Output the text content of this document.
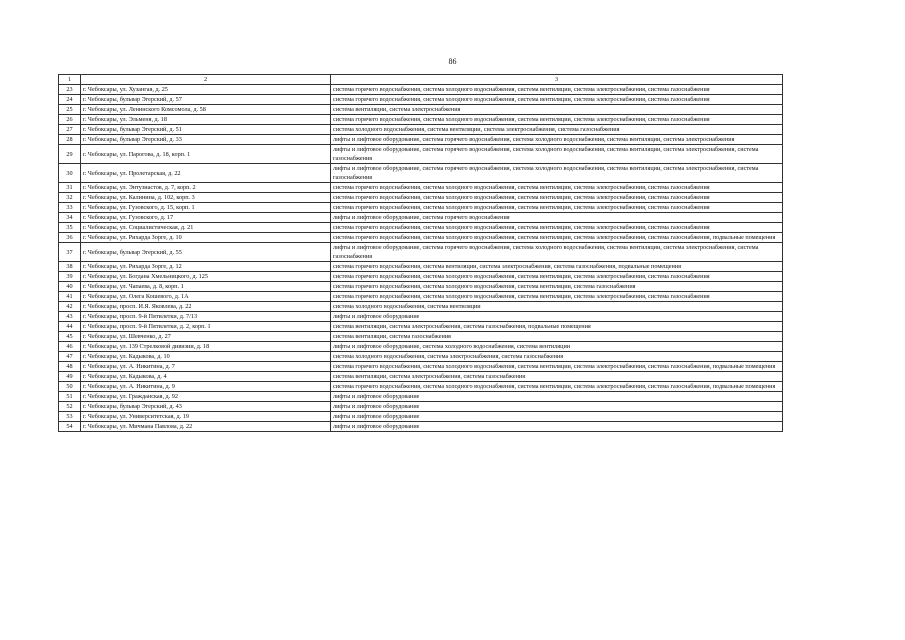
86
1	2	3
23	г. Чебоксары, ул. Хузангая, д. 25	система горячего водоснабжения, система холодного водоснабжения, система вентиляции, система электроснабжения, система газоснабжения
24	г. Чебоксары, бульвар Эгерский, д. 57	система горячего водоснабжения, система холодного водоснабжения, система вентиляции, система электроснабжения, система газоснабжения
25	г. Чебоксары, ул. Ленинского Комсомола, д. 58	система вентиляции, система электроснабжения
26	г. Чебоксары, ул. Эльменя, д. 18	система горячего водоснабжения, система холодного водоснабжения, система вентиляции, система электроснабжения, система газоснабжения
27	г. Чебоксары, бульвар Эгерский, д. 51	система холодного водоснабжения, система вентиляции, система электроснабжения, система газоснабжения
28	г. Чебоксары, бульвар Эгерский, д. 33	лифты и лифтовое оборудование, система горячего водоснабжения, система холодного водоснабжения, система вентиляции, система электроснабжения
29	г. Чебоксары, ул. Парогова, д. 18, корп. 1	лифты и лифтовое оборудование, система горячего водоснабжения, система холодного водоснабжения, система вентиляции, система электроснабжения, система газоснабжения
30	г. Чебоксары, ул. Пролетарская, д. 22	лифты и лифтовое оборудование, система горячего водоснабжения, система холодного водоснабжения, система вентиляции, система электроснабжения, система газоснабжения
31	г. Чебоксары, ул. Энтузиастов, д. 7, корп. 2	система горячего водоснабжения, система холодного водоснабжения, система вентиляции, система электроснабжения, система газоснабжения
32	г. Чебоксары, ул. Калинина, д. 102, корп. 3	система горячего водоснабжения, система холодного водоснабжения, система вентиляции, система электроснабжения, система газоснабжения
33	г. Чебоксары, ул. Гузовского, д. 15, корп. 1	система горячего водоснабжения, система холодного водоснабжения, система вентиляции, система электроснабжения, система газоснабжения
34	г. Чебоксары, ул. Гузовского, д. 17	лифты и лифтовое оборудование, система горячего водоснабжения
35	г. Чебоксары, ул. Социалистическая, д. 21	система горячего водоснабжения, система холодного водоснабжения, система вентиляции, система электроснабжения, система газоснабжения
36	г. Чебоксары, ул. Рихарда Зорге, д. 10	система горячего водоснабжения, система холодного водоснабжения, система вентиляции, система электроснабжения, система газоснабжения, подвальные помещения
37	г. Чебоксары, бульвар Эгерский, д. 55	лифты и лифтовое оборудование, система горячего водоснабжения, система холодного водоснабжения, система вентиляции, система электроснабжения, система газоснабжения
38	г. Чебоксары, ул. Рихарда Зорге, д. 12	система горячего водоснабжения, система вентиляции, система электроснабжения, система газоснабжения, подвальные помещения
39	г. Чебоксары, ул. Богдана Хмельницкого, д. 125	система горячего водоснабжения, система холодного водоснабжения, система вентиляции, система электроснабжения, система газоснабжения
40	г. Чебоксары, ул. Чапаева, д. 8, корп. 1	система горячего водоснабжения, система холодного водоснабжения, система вентиляции, система газоснабжения
41	г. Чебоксары, ул. Олега Кошевого, д. 1А	система горячего водоснабжения, система холодного водоснабжения, система вентиляции, система электроснабжения, система газоснабжения
42	г. Чебоксары, просп. И.Я. Яковлева, д. 22	система холодного водоснабжения, система вентиляции
43	г. Чебоксары, просп. 9-й Пятилетки, д. 7/13	лифты и лифтовое оборудование
44	г. Чебоксары, просп. 9-й Пятилетки, д. 2, корп. 1	система вентиляции, система электроснабжения, система газоснабжения, подвальные помещения
45	г. Чебоксары, ул. Шевченко, д. 27	система вентиляции, система газоснабжения
46	г. Чебоксары, ул. 139 Стрелковой дивизии, д. 18	лифты и лифтовое оборудование, система холодного водоснабжения, система вентиляции
47	г. Чебоксары, ул. Кадыкова, д. 10	система холодного водоснабжения, система электроснабжения, система газоснабжения
48	г. Чебоксары, ул. А. Никитина, д. 7	система горячего водоснабжения, система холодного водоснабжения, система вентиляции, система электроснабжения, система газоснабжения, подвальные помещения
49	г. Чебоксары, ул. Кадыкова, д. 4	система вентиляции, система электроснабжения, система газоснабжения
50	г. Чебоксары, ул. А. Никитина, д. 9	система горячего водоснабжения, система холодного водоснабжения, система вентиляции, система электроснабжения, система газоснабжения, подвальные помещения
51	г. Чебоксары, ул. Гражданская, д. 92	лифты и лифтовое оборудование
52	г. Чебоксары, бульвар Эгерский, д. 43	лифты и лифтовое оборудование
53	г. Чебоксары, ул. Университетская, д. 19	лифты и лифтовое оборудование
54	г. Чебоксары, ул. Мичмана Павлова, д. 22	лифты и лифтовое оборудование
